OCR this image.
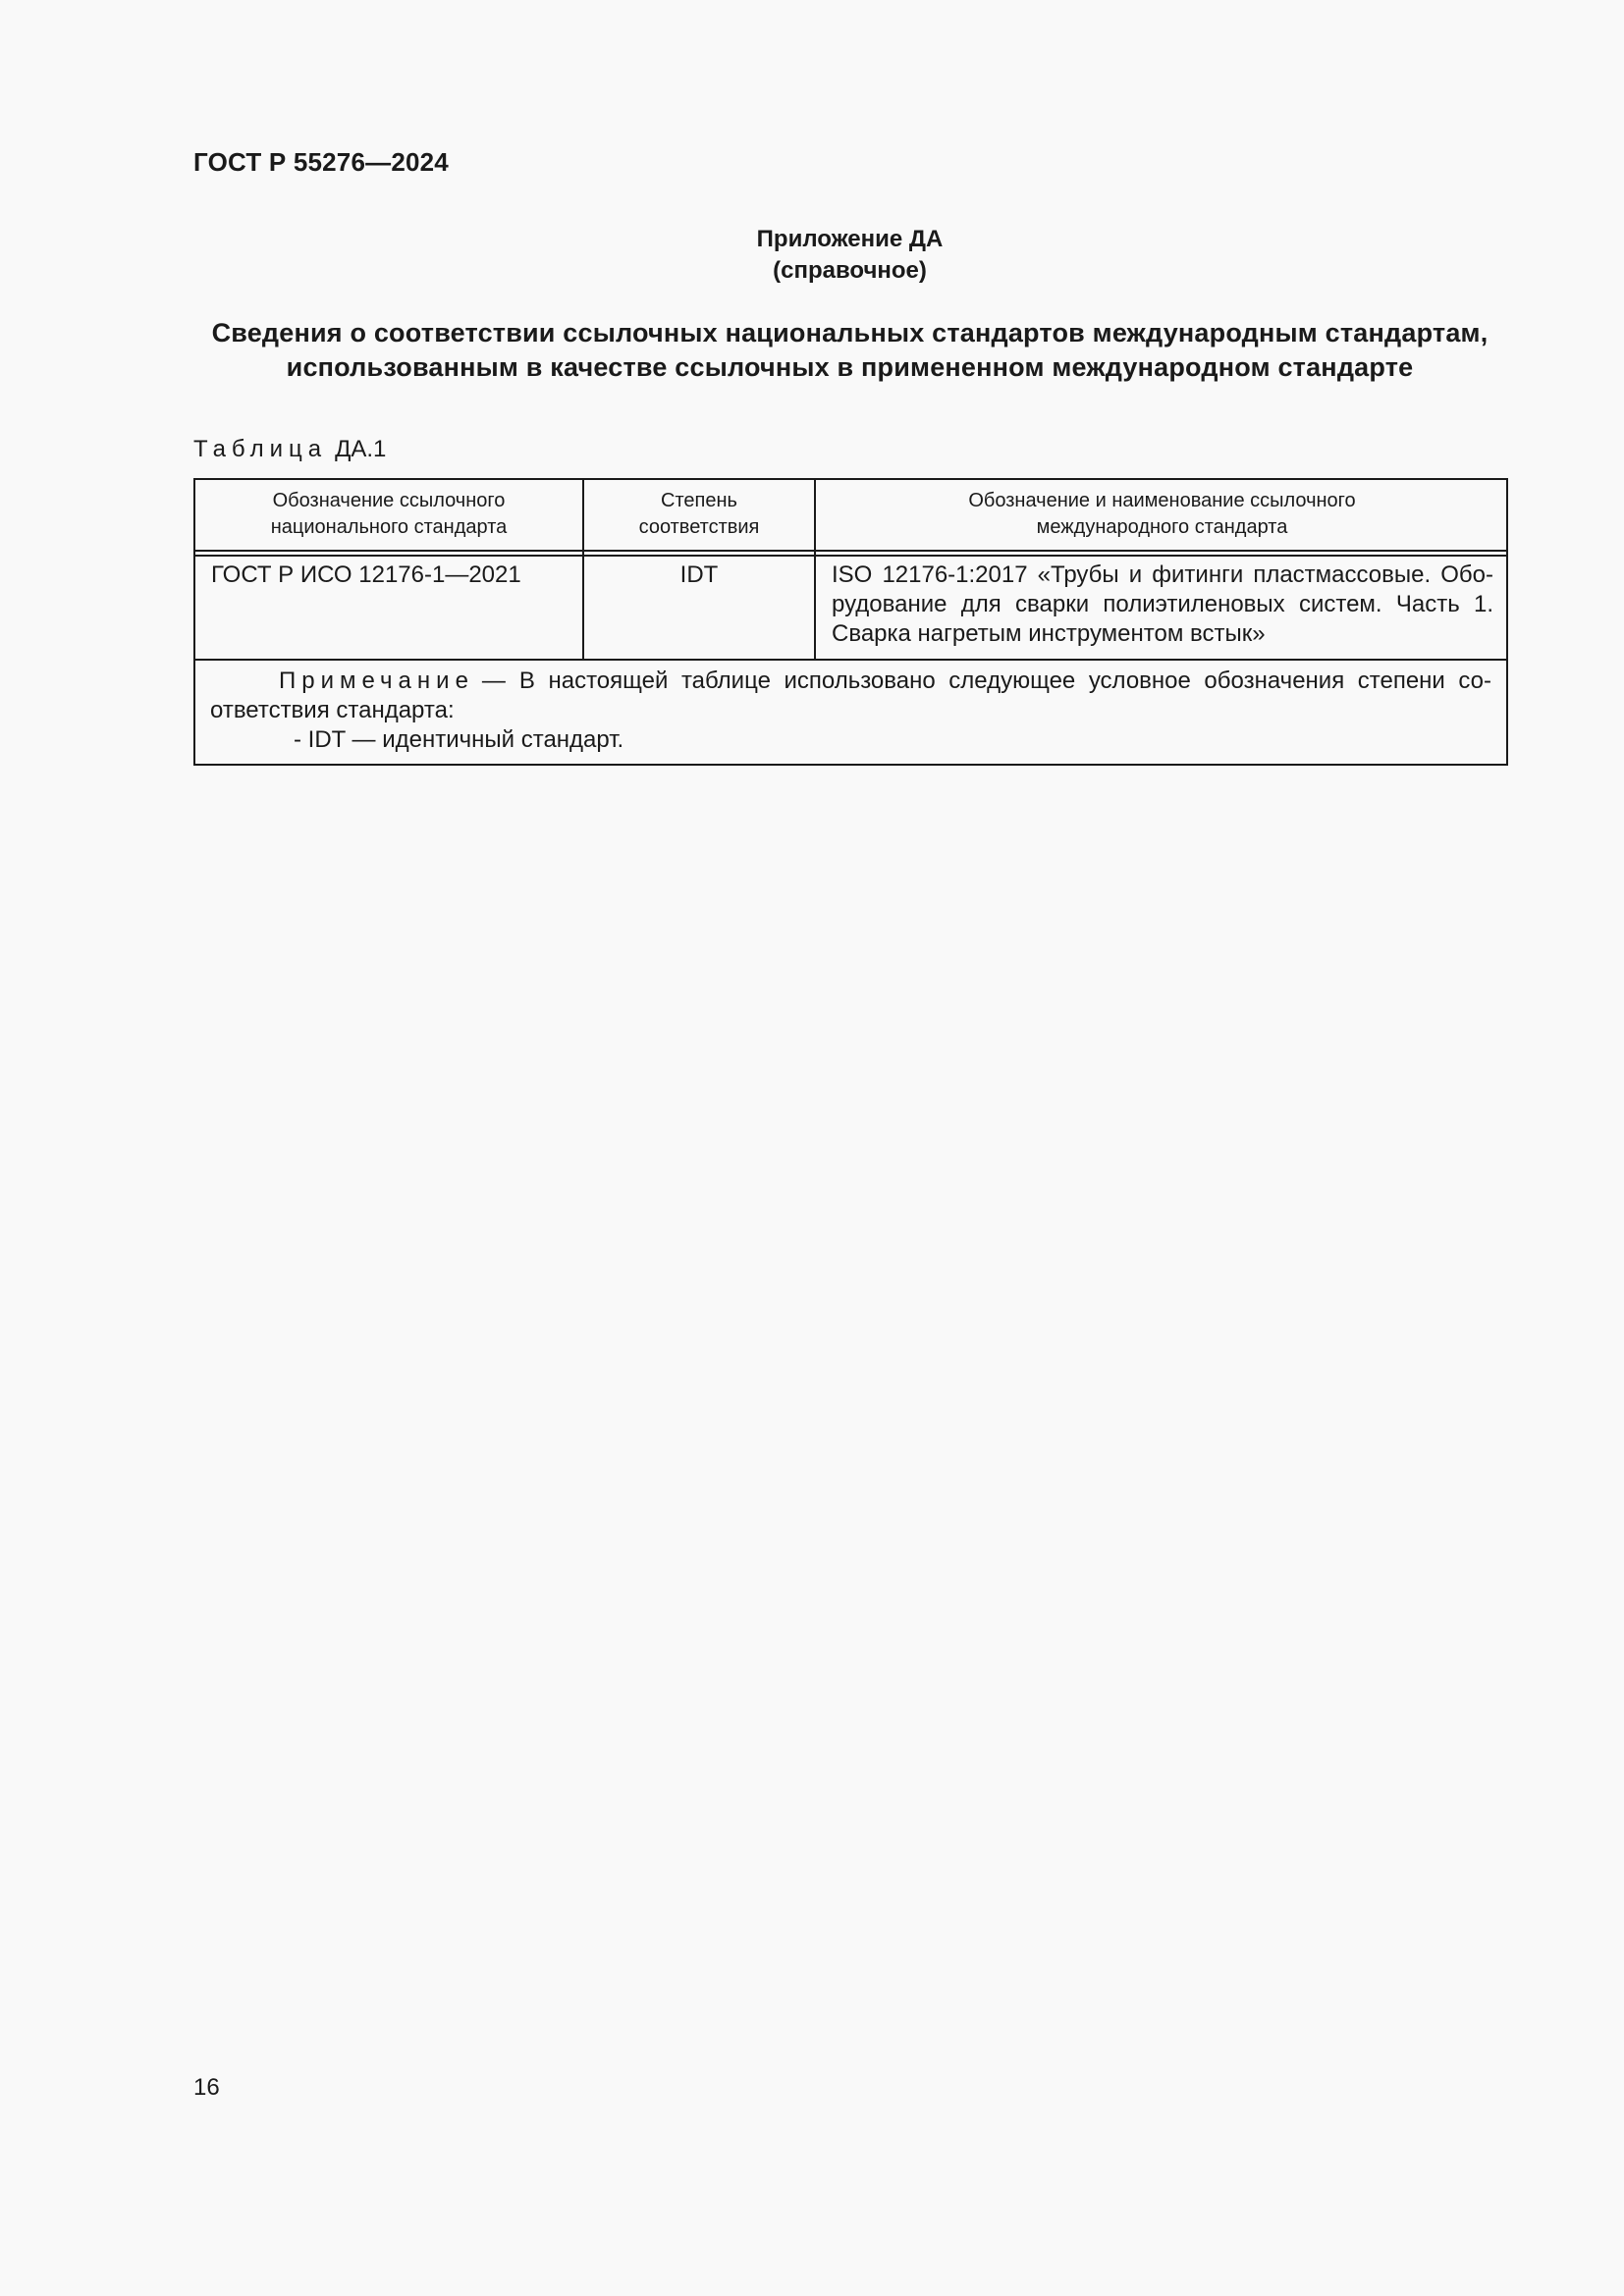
ГОСТ Р 55276—2024
Приложение ДА
(справочное)
Сведения о соответствии ссылочных национальных стандартов международным стандартам,
использованным в качестве ссылочных в примененном международном стандарте
Таблица ДА.1
Обозначение ссылочного
национального стандарта
Степень
соответствия
Обозначение и наименование ссылочного
международного стандарта
ГОСТ Р ИСО 12176-1—2021	IDT	ISO 12176-1:2017 «Трубы и фитинги пластмассовые. Обо-
рудование для сварки полиэтиленовых систем. Часть 1.
Сварка нагретым инструментом встык»
Примечание — В настоящей таблице использовано следующее условное обозначения степени со-
ответствия стандарта:
- IDT — идентичный стандарт.
16
